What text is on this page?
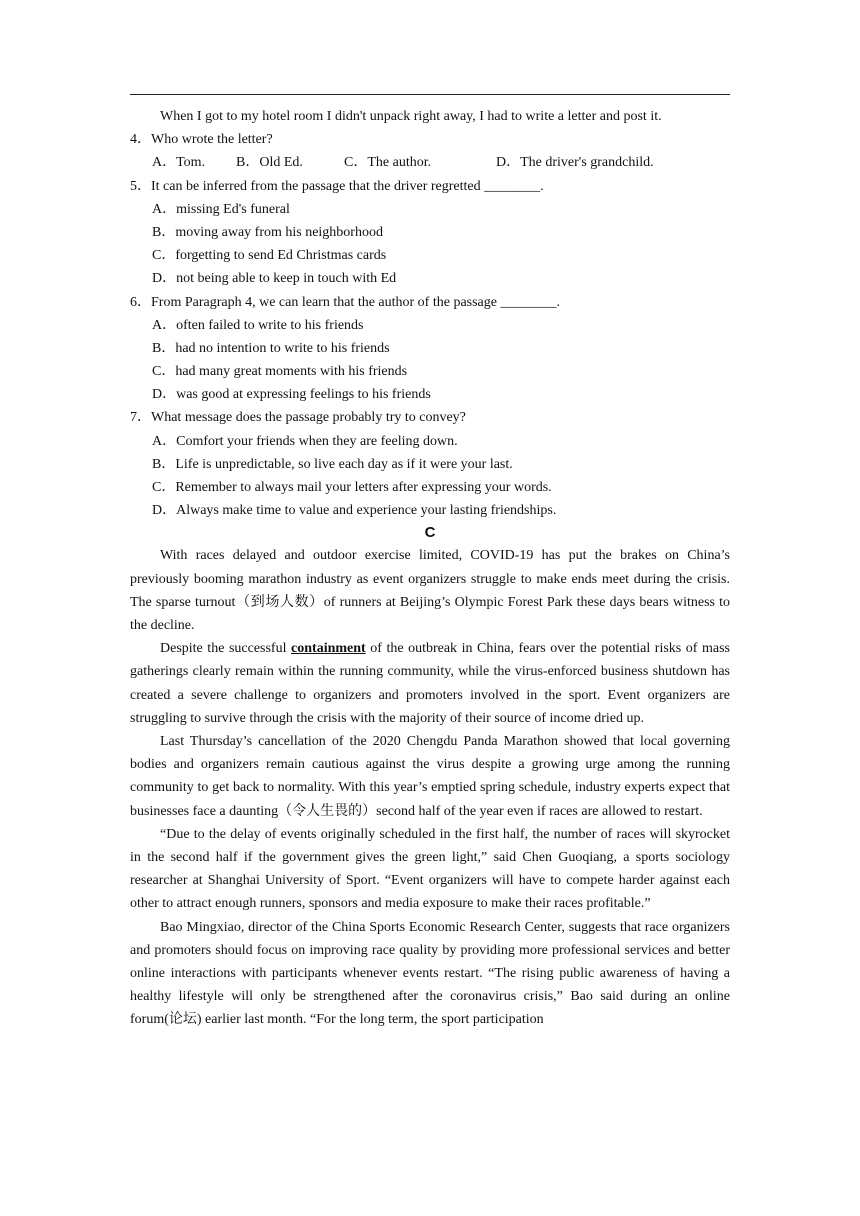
When I got to my hotel room I didn't unpack right away, I had to write a letter and post it.
4．Who wrote the letter?
A．Tom. B．Old Ed.	C．The author.	D．The driver's grandchild.
5．It can be inferred from the passage that the driver regretted ________.
A．missing Ed's funeral
B．moving away from his neighborhood
C．forgetting to send Ed Christmas cards
D．not being able to keep in touch with Ed
6．From Paragraph 4, we can learn that the author of the passage ________.
A．often failed to write to his friends
B．had no intention to write to his friends
C．had many great moments with his friends
D．was good at expressing feelings to his friends
7．What message does the passage probably try to convey?
A．Comfort your friends when they are feeling down.
B．Life is unpredictable, so live each day as if it were your last.
C．Remember to always mail your letters after expressing your words.
D．Always make time to value and experience your lasting friendships.
C

With races delayed and outdoor exercise limited, COVID-19 has put the brakes on China’s previously booming marathon industry as event organizers struggle to make ends meet during the crisis. The sparse turnout（到场人数）of runners at Beijing’s Olympic Forest Park these days bears witness to the decline.

Despite the successful containment of the outbreak in China, fears over the potential risks of mass gatherings clearly remain within the running community, while the virus-enforced business shutdown has created a severe challenge to organizers and promoters involved in the sport. Event organizers are struggling to survive through the crisis with the majority of their source of income dried up.

Last Thursday’s cancellation of the 2020 Chengdu Panda Marathon showed that local governing bodies and organizers remain cautious against the virus despite a growing urge among the running community to get back to normality. With this year’s emptied spring schedule, industry experts expect that businesses face a daunting（令人生畏的）second half of the year even if races are allowed to restart.

“Due to the delay of events originally scheduled in the first half, the number of races will skyrocket in the second half if the government gives the green light,” said Chen Guoqiang, a sports sociology researcher at Shanghai University of Sport. “Event organizers will have to compete harder against each other to attract enough runners, sponsors and media exposure to make their races profitable.”

Bao Mingxiao, director of the China Sports Economic Research Center, suggests that race organizers and promoters should focus on improving race quality by providing more professional services and better online interactions with participants whenever events restart. “The rising public awareness of having a healthy lifestyle will only be strengthened after the coronavirus crisis,” Bao said during an online forum(论坛) earlier last month. “For the long term, the sport participation
